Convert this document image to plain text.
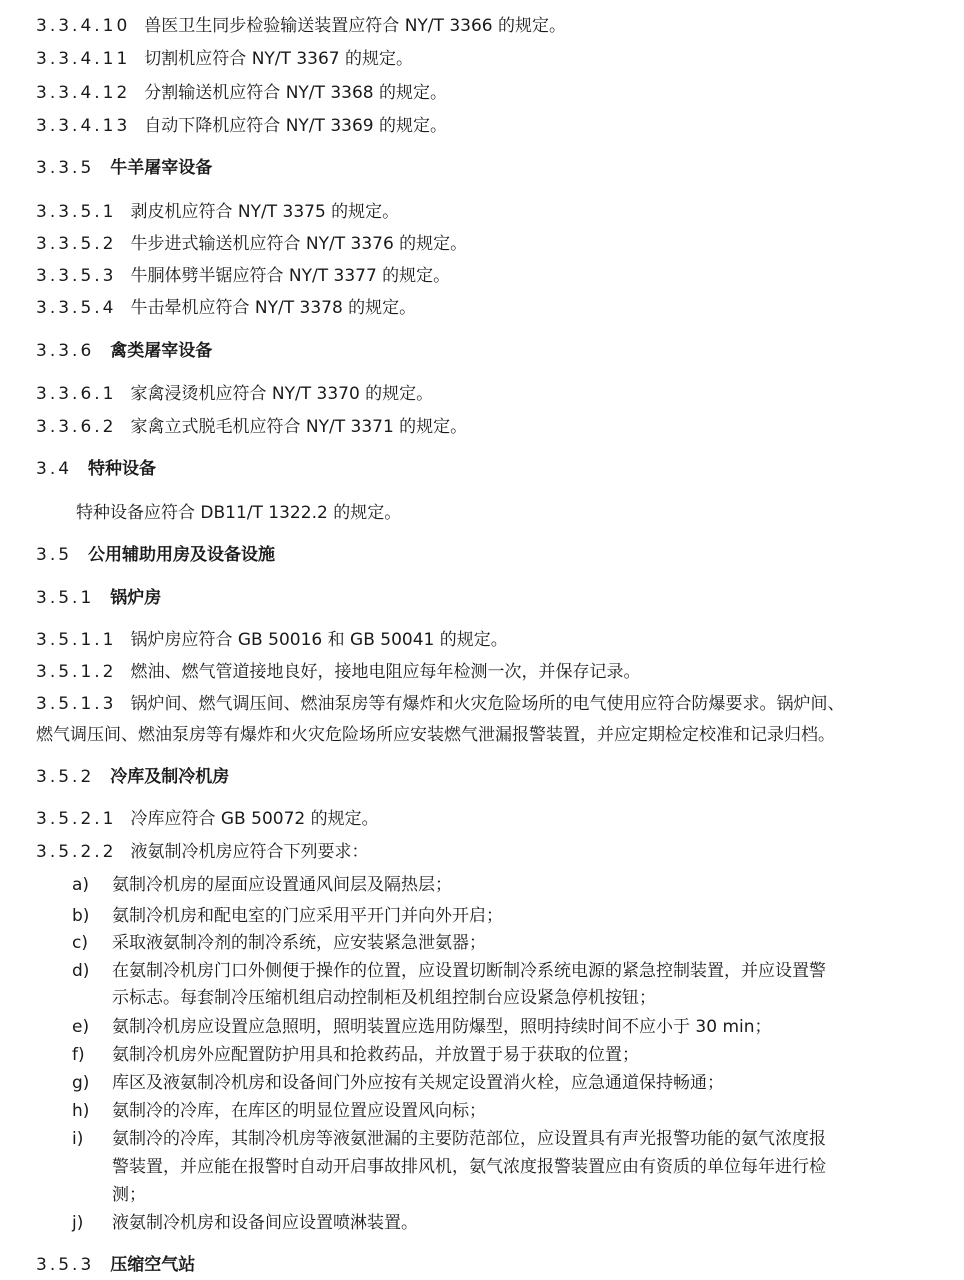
3.3.4.10 兽医卫生同步检验输送装置应符合 NY/T 3366 的规定。
3.3.4.11 切割机应符合 NY/T 3367 的规定。
3.3.4.12 分割输送机应符合 NY/T 3368 的规定。
3.3.4.13 自动下降机应符合 NY/T 3369 的规定。
3.3.5 牛羊屠宰设备
3.3.5.1 剥皮机应符合 NY/T 3375 的规定。
3.3.5.2 牛步进式输送机应符合 NY/T 3376 的规定。
3.3.5.3 牛胴体劈半锯应符合 NY/T 3377 的规定。
3.3.5.4 牛击晕机应符合 NY/T 3378 的规定。
3.3.6 禽类屠宰设备
3.3.6.1 家禽浸烫机应符合 NY/T 3370 的规定。
3.3.6.2 家禽立式脱毛机应符合 NY/T 3371 的规定。
3.4 特种设备
特种设备应符合 DB11/T 1322.2 的规定。
3.5 公用辅助用房及设备设施
3.5.1 锅炉房
3.5.1.1 锅炉房应符合 GB 50016 和 GB 50041 的规定。
3.5.1.2 燃油、燃气管道接地良好，接地电阻应每年检测一次，并保存记录。
3.5.1.3 锅炉间、燃气调压间、燃油泵房等有爆炸和火灾危险场所的电气使用应符合防爆要求。锅炉间、
燃气调压间、燃油泵房等有爆炸和火灾危险场所应安装燃气泄漏报警装置，并应定期检定校准和记录归档。
3.5.2 冷库及制冷机房
3.5.2.1 冷库应符合 GB 50072 的规定。
3.5.2.2 液氨制冷机房应符合下列要求：
a) 氨制冷机房的屋面应设置通风间层及隔热层；
b) 氨制冷机房和配电室的门应采用平开门并向外开启；
c) 采取液氨制冷剂的制冷系统，应安装紧急泄氨器；
d) 在氨制冷机房门口外侧便于操作的位置，应设置切断制冷系统电源的紧急控制装置，并应设置警
示标志。每套制冷压缩机组启动控制柜及机组控制台应设紧急停机按钮；
e) 氨制冷机房应设置应急照明，照明装置应选用防爆型，照明持续时间不应小于 30 min；
f) 氨制冷机房外应配置防护用具和抢救药品，并放置于易于获取的位置；
g) 库区及液氨制冷机房和设备间门外应按有关规定设置消火栓，应急通道保持畅通；
h) 氨制冷的冷库，在库区的明显位置应设置风向标；
i) 氨制冷的冷库，其制冷机房等液氨泄漏的主要防范部位，应设置具有声光报警功能的氨气浓度报
警装置，并应能在报警时自动开启事故排风机，氨气浓度报警装置应由有资质的单位每年进行检
测；
j) 液氨制冷机房和设备间应设置喷淋装置。
3.5.3 压缩空气站
